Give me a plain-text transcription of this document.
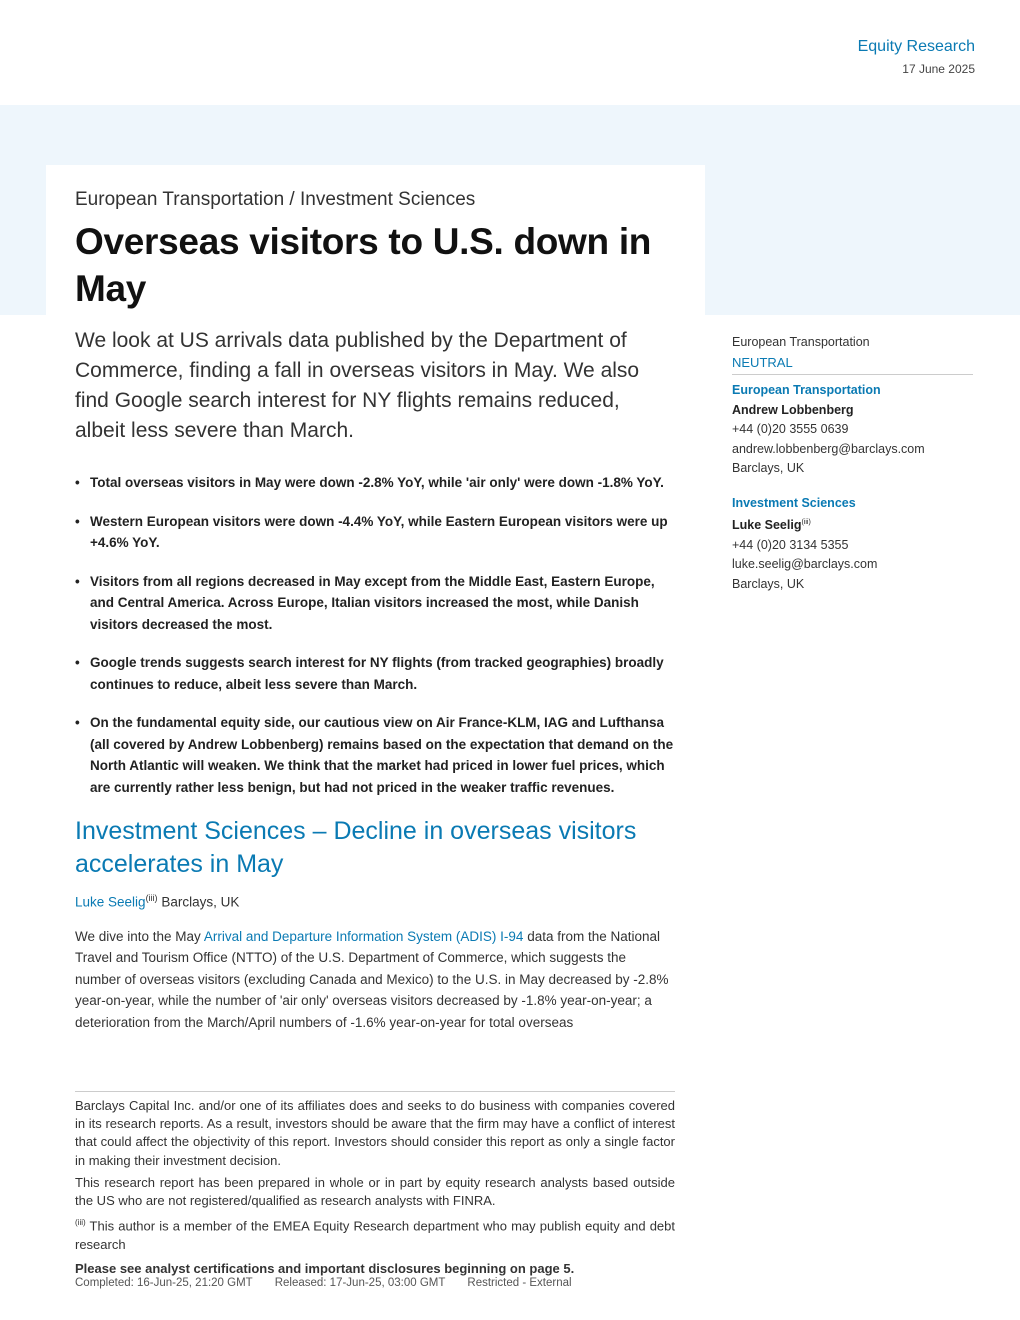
Equity Research
17 June 2025
European Transportation / Investment Sciences
Overseas visitors to U.S. down in May
We look at US arrivals data published by the Department of Commerce, finding a fall in overseas visitors in May. We also find Google search interest for NY flights remains reduced, albeit less severe than March.
• Total overseas visitors in May were down -2.8% YoY, while 'air only' were down -1.8% YoY.
• Western European visitors were down -4.4% YoY, while Eastern European visitors were up +4.6% YoY.
• Visitors from all regions decreased in May except from the Middle East, Eastern Europe, and Central America. Across Europe, Italian visitors increased the most, while Danish visitors decreased the most.
• Google trends suggests search interest for NY flights (from tracked geographies) broadly continues to reduce, albeit less severe than March.
• On the fundamental equity side, our cautious view on Air France-KLM, IAG and Lufthansa (all covered by Andrew Lobbenberg) remains based on the expectation that demand on the North Atlantic will weaken. We think that the market had priced in lower fuel prices, which are currently rather less benign, but had not priced in the weaker traffic revenues.
Investment Sciences – Decline in overseas visitors accelerates in May
Luke Seelig$^{(iii)}$ Barclays, UK
We dive into the May Arrival and Departure Information System (ADIS) I-94 data from the National Travel and Tourism Office (NTTO) of the U.S. Department of Commerce, which suggests the number of overseas visitors (excluding Canada and Mexico) to the U.S. in May decreased by -2.8% year-on-year, while the number of 'air only' overseas visitors decreased by -1.8% year-on-year; a deterioration from the March/April numbers of -1.6% year-on-year for total overseas
European Transportation
NEUTRAL
European Transportation
Andrew Lobbenberg
+44 (0)20 3555 0639
andrew.lobbenberg@barclays.com
Barclays, UK
Investment Sciences
Luke Seelig$^{(iii)}$
+44 (0)20 3134 5355
luke.seelig@barclays.com
Barclays, UK

Barclays Capital Inc. and/or one of its affiliates does and seeks to do business with companies covered in its research reports. As a result, investors should be aware that the firm may have a conflict of interest that could affect the objectivity of this report. Investors should consider this report as only a single factor in making their investment decision.

This research report has been prepared in whole or in part by equity research analysts based outside the US who are not registered/qualified as research analysts with FINRA.

$^{(iii)}$ This author is a member of the EMEA Equity Research department who may publish equity and debt research

Please see analyst certifications and important disclosures beginning on page 5.

Completed: 16-Jun-25, 21:20 GMT Released: 17-Jun-25, 03:00 GMT Restricted - External
